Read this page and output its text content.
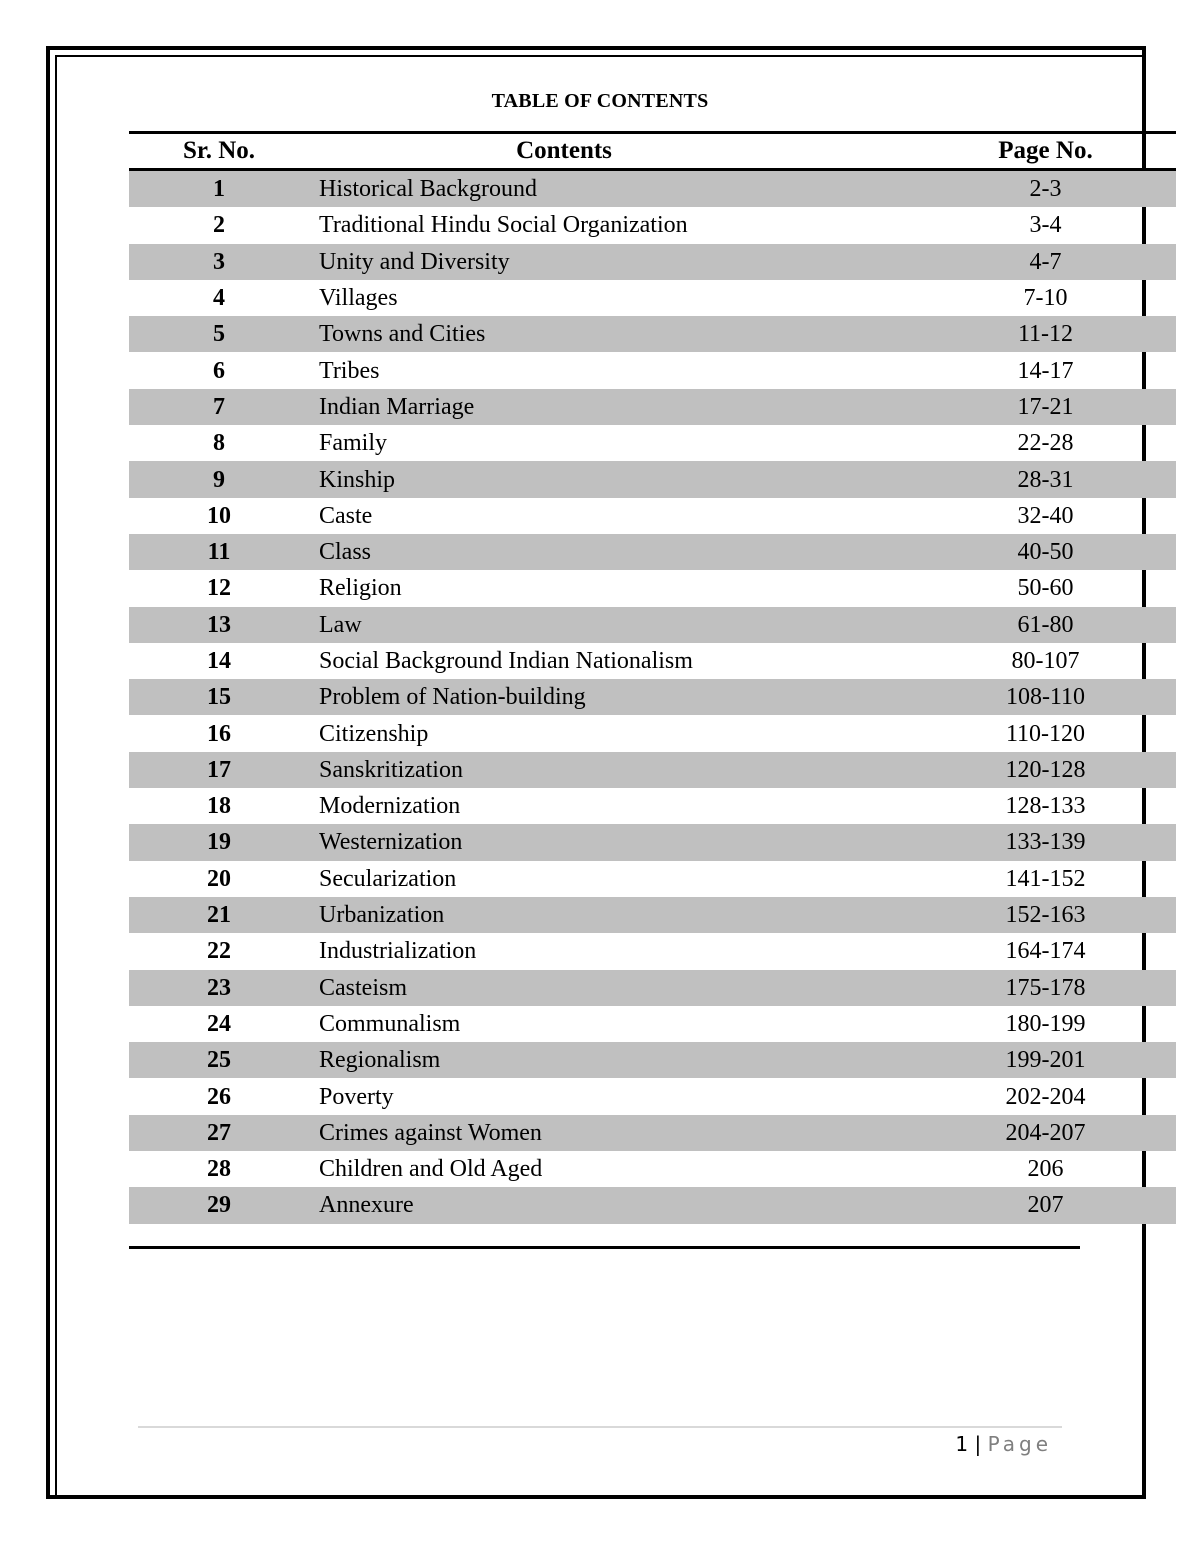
TABLE OF CONTENTS
Sr. No.	Contents	Page No.
1	Historical Background	2-3
2	Traditional Hindu Social Organization	3-4
3	Unity and Diversity	4-7
4	Villages	7-10
5	Towns and Cities	11-12
6	Tribes	14-17
7	Indian Marriage	17-21
8	Family	22-28
9	Kinship	28-31
10	Caste	32-40
11	Class	40-50
12	Religion	50-60
13	Law	61-80
14	Social Background Indian Nationalism	80-107
15	Problem of Nation-building	108-110
16	Citizenship	110-120
17	Sanskritization	120-128
18	Modernization	128-133
19	Westernization	133-139
20	Secularization	141-152
21	Urbanization	152-163
22	Industrialization	164-174
23	Casteism	175-178
24	Communalism	180-199
25	Regionalism	199-201
26	Poverty	202-204
27	Crimes against Women	204-207
28	Children and Old Aged	206
29	Annexure	207
1 | Page
